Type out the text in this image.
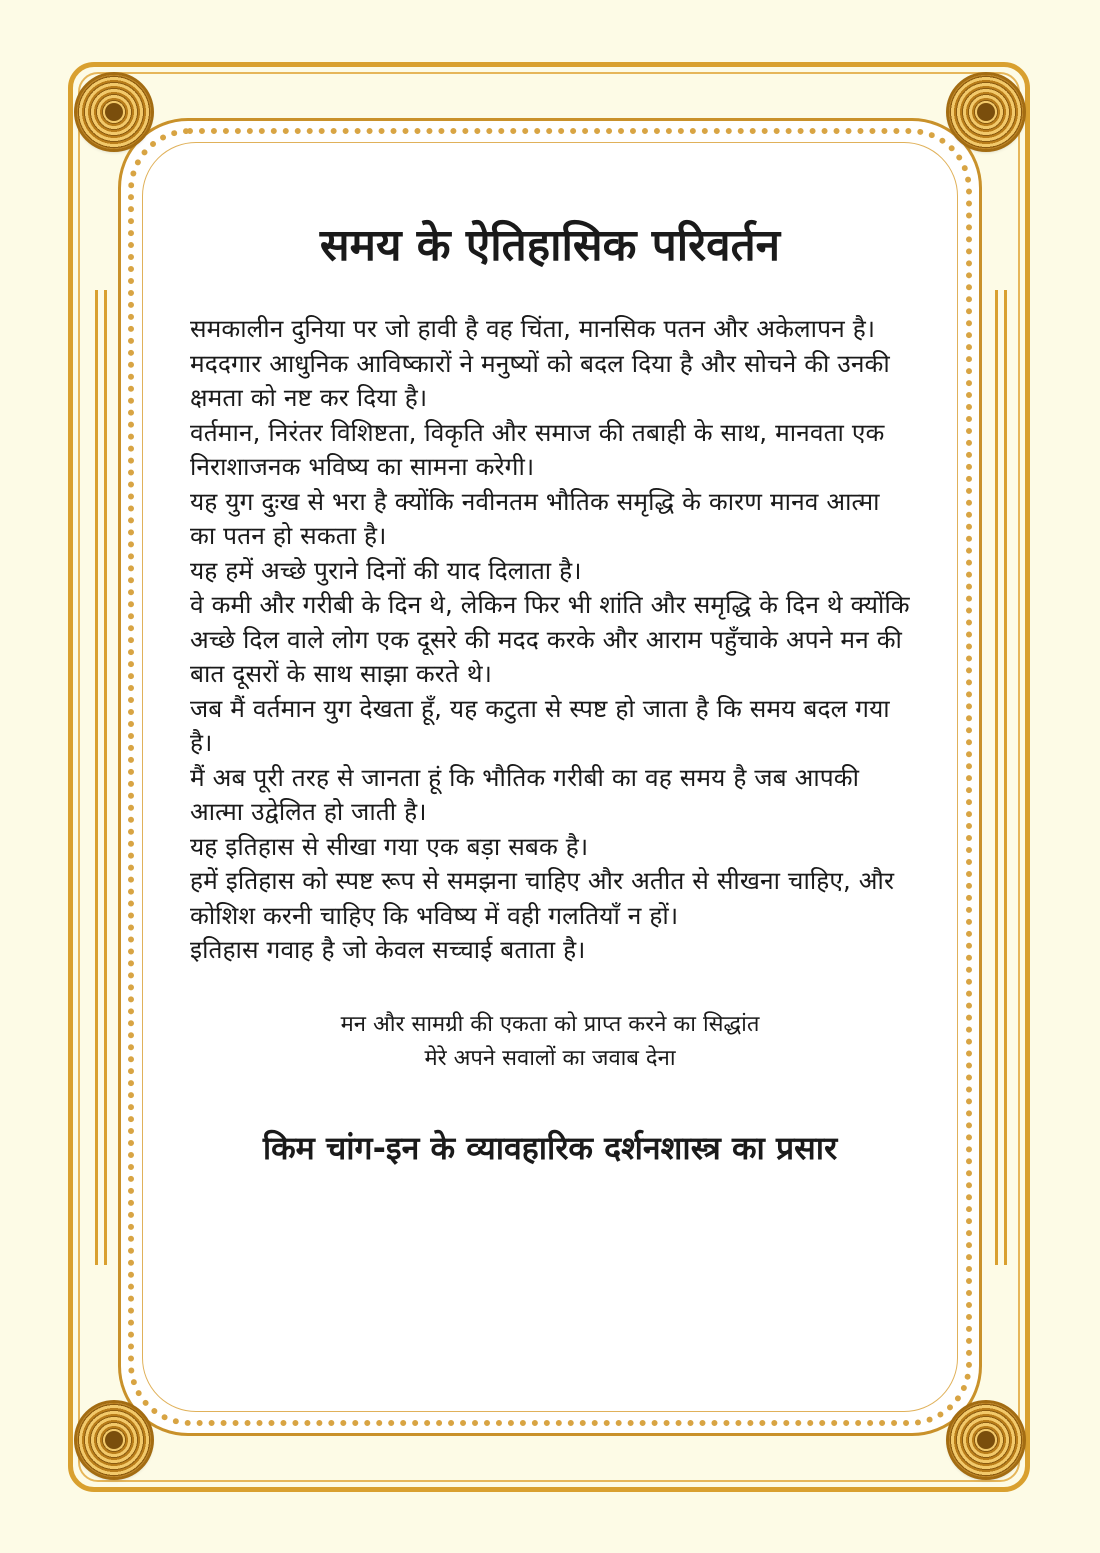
समय के ऐतिहासिक परिवर्तन

समकालीन दुनिया पर जो हावी है वह चिंता, मानसिक पतन और अकेलापन है।

मददगार आधुनिक आविष्कारों ने मनुष्यों को बदल दिया है और सोचने की उनकी क्षमता को नष्ट कर दिया है।

वर्तमान, निरंतर विशिष्टता, विकृति और समाज की तबाही के साथ, मानवता एक निराशाजनक भविष्य का सामना करेगी।

यह युग दुःख से भरा है क्योंकि नवीनतम भौतिक समृद्धि के कारण मानव आत्मा का पतन हो सकता है।

यह हमें अच्छे पुराने दिनों की याद दिलाता है।

वे कमी और गरीबी के दिन थे, लेकिन फिर भी शांति और समृद्धि के दिन थे क्योंकि अच्छे दिल वाले लोग एक दूसरे की मदद करके और आराम पहुँचाके अपने मन की बात दूसरों के साथ साझा करते थे।

जब मैं वर्तमान युग देखता हूँ, यह कटुता से स्पष्ट हो जाता है कि समय बदल गया है।

मैं अब पूरी तरह से जानता हूं कि भौतिक गरीबी का वह समय है जब आपकी आत्मा उद्वेलित हो जाती है।

यह इतिहास से सीखा गया एक बड़ा सबक है।

हमें इतिहास को स्पष्ट रूप से समझना चाहिए और अतीत से सीखना चाहिए, और कोशिश करनी चाहिए कि भविष्य में वही गलतियाँ न हों।

इतिहास गवाह है जो केवल सच्चाई बताता है।

मन और सामग्री की एकता को प्राप्त करने का सिद्धांत
मेरे अपने सवालों का जवाब देना
किम चांग-इन के व्यावहारिक दर्शनशास्त्र का प्रसार
